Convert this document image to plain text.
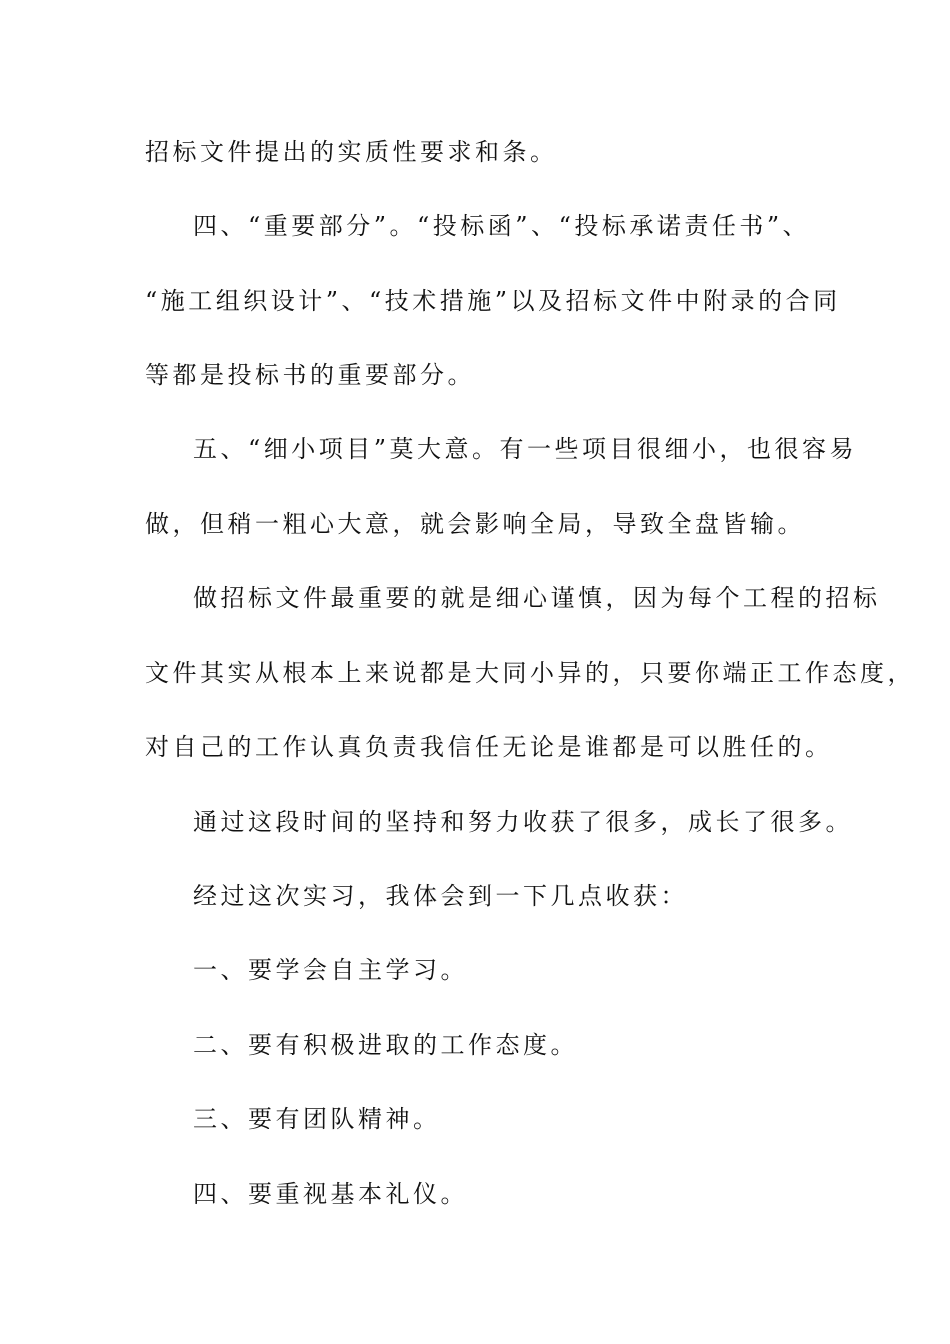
招标文件提出的实质性要求和条。
四、“重要部分”。“投标函”、“投标承诺责任书”、
“施工组织设计”、“技术措施”以及招标文件中附录的合同
等都是投标书的重要部分。
五、“细小项目”莫大意。有一些项目很细小，也很容易
做，但稍一粗心大意，就会影响全局，导致全盘皆输。
做招标文件最重要的就是细心谨慎，因为每个工程的招标
文件其实从根本上来说都是大同小异的，只要你端正工作态度，
对自己的工作认真负责我信任无论是谁都是可以胜任的。
通过这段时间的坚持和努力收获了很多，成长了很多。
经过这次实习，我体会到一下几点收获：
一、要学会自主学习。
二、要有积极进取的工作态度。
三、要有团队精神。
四、要重视基本礼仪。
